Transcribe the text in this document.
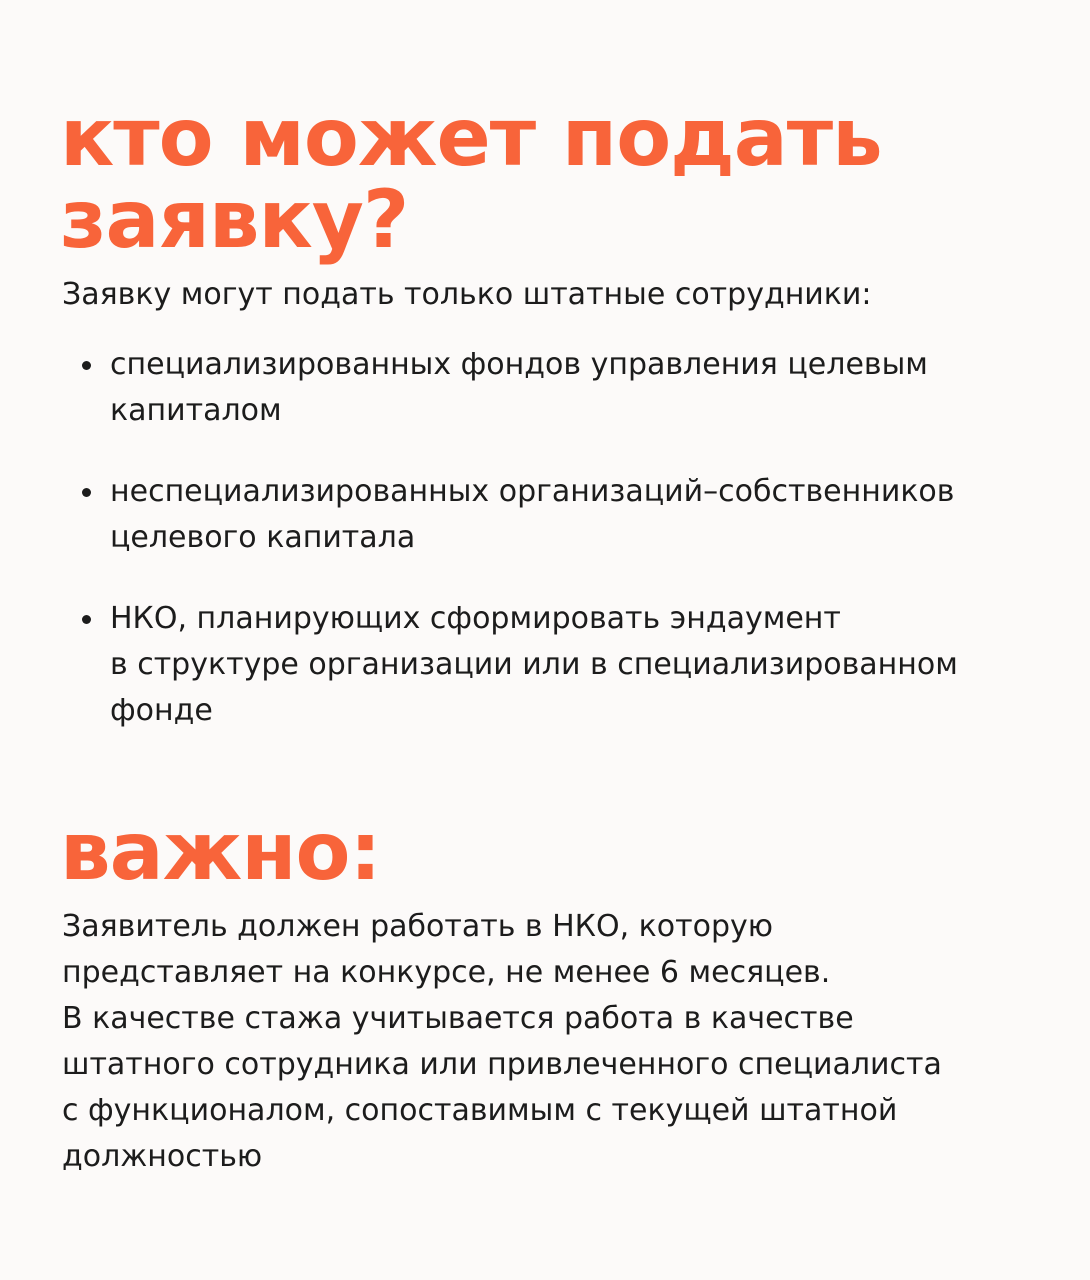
кто может подать
заявку?

Заявку могут подать только штатные сотрудники:

специализированных фондов управления целевым
капиталом
неспециализированных организаций–собственников
целевого капитала
НКО, планирующих сформировать эндаумент
в структуре организации или в специализированном
фонде
важно:
Заявитель должен работать в НКО, которую
представляет на конкурсе, не менее 6 месяцев.
В качестве стажа учитывается работа в качестве
штатного сотрудника или привлеченного специалиста
с функционалом, сопоставимым с текущей штатной
должностью
